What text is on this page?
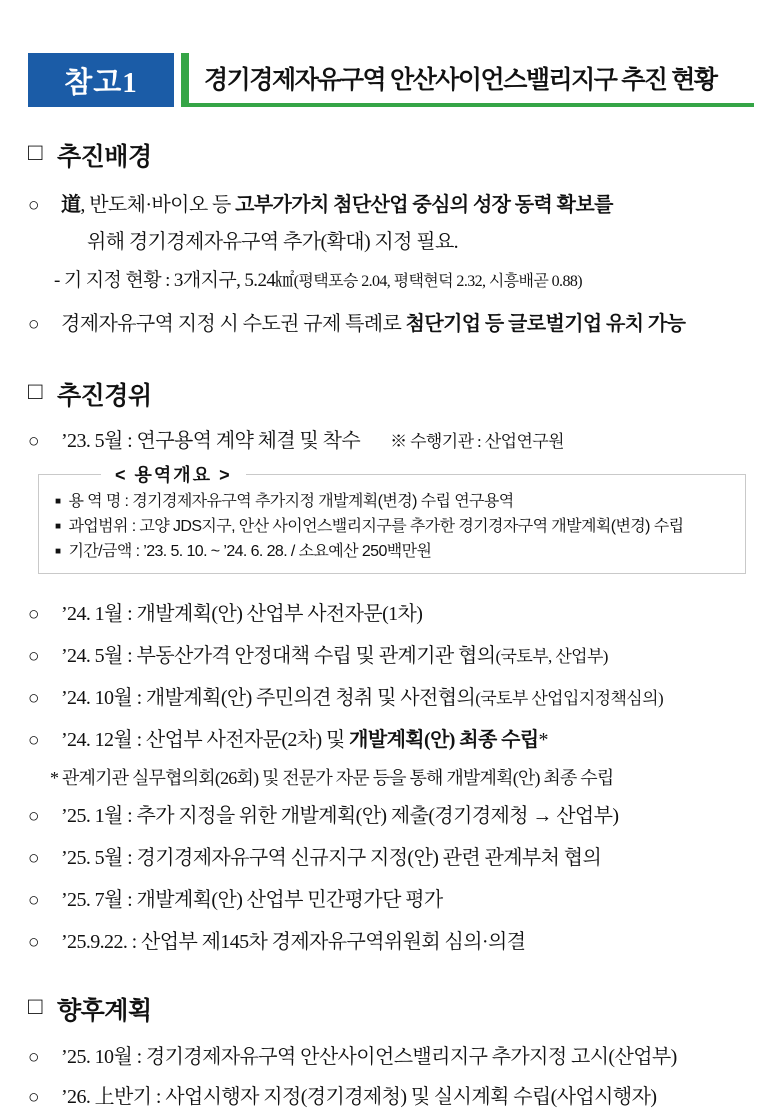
참고1	경기경제자유구역 안산사이언스밸리지구 추진 현황
□ 추진배경
○ 道, 반도체·바이오 등 고부가가치 첨단산업 중심의 성장 동력 확보를
위해 경기경제자유구역 추가(확대) 지정 필요.
- 기 지정 현황 : 3개지구, 5.24㎢(평택포승 2.04, 평택현덕 2.32, 시흥배곧 0.88)
○ 경제자유구역 지정 시 수도권 규제 특례로 첨단기업 등 글로벌기업 유치 가능
□ 추진경위
○ ’23. 5월 : 연구용역 계약 체결 및 착수 ※ 수행기관 : 산업연구원
< 용역개요 >
■ 용 역 명 : 경기경제자유구역 추가지정 개발계획(변경) 수립 연구용역
■ 과업범위 : 고양 JDS지구, 안산 사이언스밸리지구를 추가한 경기경자구역 개발계획(변경) 수립
■ 기간/금액 : ’23. 5. 10. ~ ’24. 6. 28. / 소요예산 250백만원
○ ’24. 1월 : 개발계획(안) 산업부 사전자문(1차)
○ ’24. 5월 : 부동산가격 안정대책 수립 및 관계기관 협의(국토부, 산업부)
○ ’24. 10월 : 개발계획(안) 주민의견 청취 및 사전협의(국토부 산업입지정책심의)
○ ’24. 12월 : 산업부 사전자문(2차) 및 개발계획(안) 최종 수립*
* 관계기관 실무협의회(26회) 및 전문가 자문 등을 통해 개발계획(안) 최종 수립
○ ’25. 1월 : 추가 지정을 위한 개발계획(안) 제출(경기경제청 → 산업부)
○ ’25. 5월 : 경기경제자유구역 신규지구 지정(안) 관련 관계부처 협의
○ ’25. 7월 : 개발계획(안) 산업부 민간평가단 평가
○ ’25.9.22. : 산업부 제145차 경제자유구역위원회 심의·의결
□ 향후계획
○ ’25. 10월 : 경기경제자유구역 안산사이언스밸리지구 추가지정 고시(산업부)
○ ’26. 上반기 : 사업시행자 지정(경기경제청) 및 실시계획 수립(사업시행자)
